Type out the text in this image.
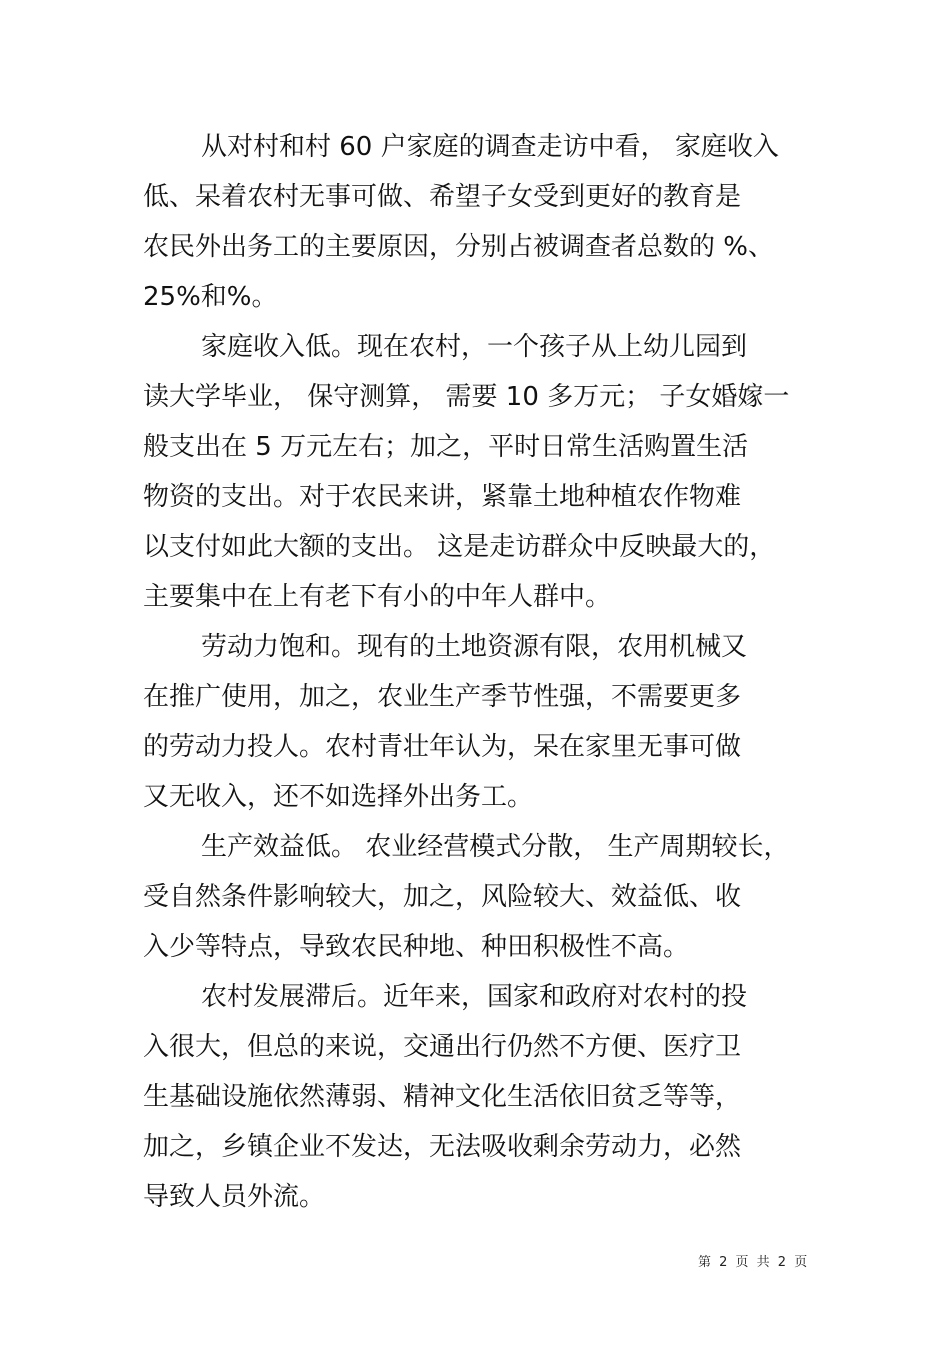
从对村和村 60 户家庭的调查走访中看， 家庭收入
低、呆着农村无事可做、希望子女受到更好的教育是
农民外出务工的主要原因，分别占被调查者总数的 %、
25%和%。
家庭收入低。现在农村，一个孩子从上幼儿园到
读大学毕业， 保守测算， 需要 10 多万元； 子女婚嫁一
般支出在 5 万元左右；加之，平时日常生活购置生活
物资的支出。对于农民来讲，紧靠土地种植农作物难
以支付如此大额的支出。 这是走访群众中反映最大的，
主要集中在上有老下有小的中年人群中。
劳动力饱和。现有的土地资源有限，农用机械又
在推广使用，加之，农业生产季节性强，不需要更多
的劳动力投人。农村青壮年认为，呆在家里无事可做
又无收入，还不如选择外出务工。
生产效益低。 农业经营模式分散， 生产周期较长，
受自然条件影响较大，加之，风险较大、效益低、收
入少等特点，导致农民种地、种田积极性不高。
农村发展滞后。近年来，国家和政府对农村的投
入很大，但总的来说，交通出行仍然不方便、医疗卫
生基础设施依然薄弱、精神文化生活依旧贫乏等等，
加之，乡镇企业不发达，无法吸收剩余劳动力，必然
导致人员外流。
第 2 页 共 2 页
